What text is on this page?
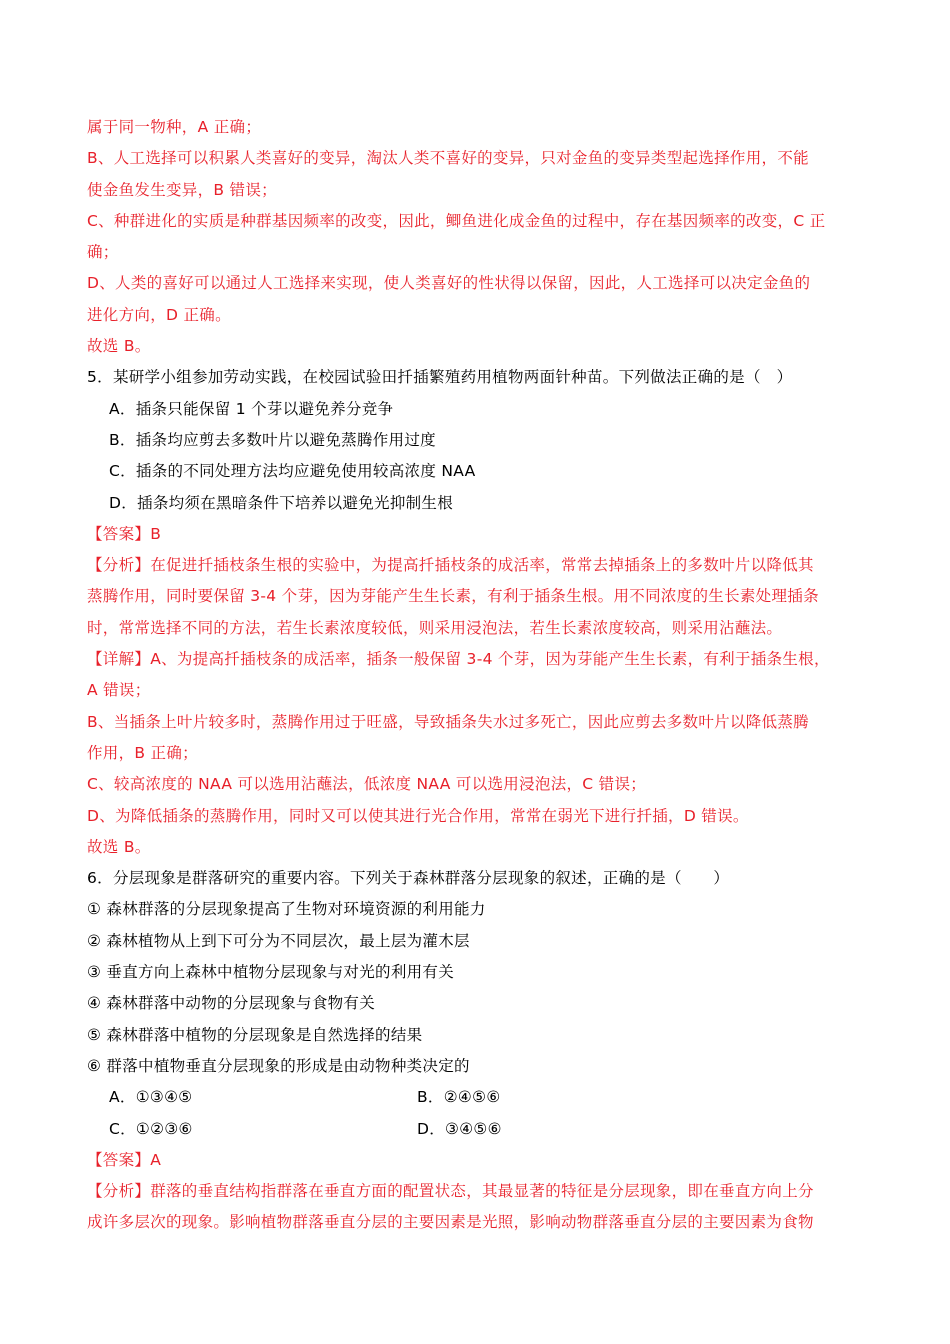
属于同一物种，A 正确；
B、人工选择可以积累人类喜好的变异，淘汰人类不喜好的变异，只对金鱼的变异类型起选择作用，不能
使金鱼发生变异，B 错误；
C、种群进化的实质是种群基因频率的改变，因此，鲫鱼进化成金鱼的过程中，存在基因频率的改变，C 正
确；
D、人类的喜好可以通过人工选择来实现，使人类喜好的性状得以保留，因此，人工选择可以决定金鱼的
进化方向，D 正确。
故选 B。
5．某研学小组参加劳动实践，在校园试验田扦插繁殖药用植物两面针种苗。下列做法正确的是（　）
A．插条只能保留 1 个芽以避免养分竞争
B．插条均应剪去多数叶片以避免蒸腾作用过度
C．插条的不同处理方法均应避免使用较高浓度 NAA
D．插条均须在黑暗条件下培养以避免光抑制生根
【答案】B
【分析】在促进扦插枝条生根的实验中，为提高扦插枝条的成活率，常常去掉插条上的多数叶片以降低其
蒸腾作用，同时要保留 3-4 个芽，因为芽能产生生长素，有利于插条生根。用不同浓度的生长素处理插条
时，常常选择不同的方法，若生长素浓度较低，则采用浸泡法，若生长素浓度较高，则采用沾蘸法。
【详解】A、为提高扦插枝条的成活率，插条一般保留 3-4 个芽，因为芽能产生生长素，有利于插条生根，
A 错误；
B、当插条上叶片较多时，蒸腾作用过于旺盛，导致插条失水过多死亡，因此应剪去多数叶片以降低蒸腾
作用，B 正确；
C、较高浓度的 NAA 可以选用沾蘸法，低浓度 NAA 可以选用浸泡法，C 错误；
D、为降低插条的蒸腾作用，同时又可以使其进行光合作用，常常在弱光下进行扦插，D 错误。
故选 B。
6．分层现象是群落研究的重要内容。下列关于森林群落分层现象的叙述，正确的是（　　）
① 森林群落的分层现象提高了生物对环境资源的利用能力
② 森林植物从上到下可分为不同层次，最上层为灌木层
③ 垂直方向上森林中植物分层现象与对光的利用有关
④ 森林群落中动物的分层现象与食物有关
⑤ 森林群落中植物的分层现象是自然选择的结果
⑥ 群落中植物垂直分层现象的形成是由动物种类决定的
A．①③④⑤	B．②④⑤⑥
C．①②③⑥	D．③④⑤⑥
【答案】A
【分析】群落的垂直结构指群落在垂直方面的配置状态，其最显著的特征是分层现象，即在垂直方向上分
成许多层次的现象。影响植物群落垂直分层的主要因素是光照，影响动物群落垂直分层的主要因素为食物
